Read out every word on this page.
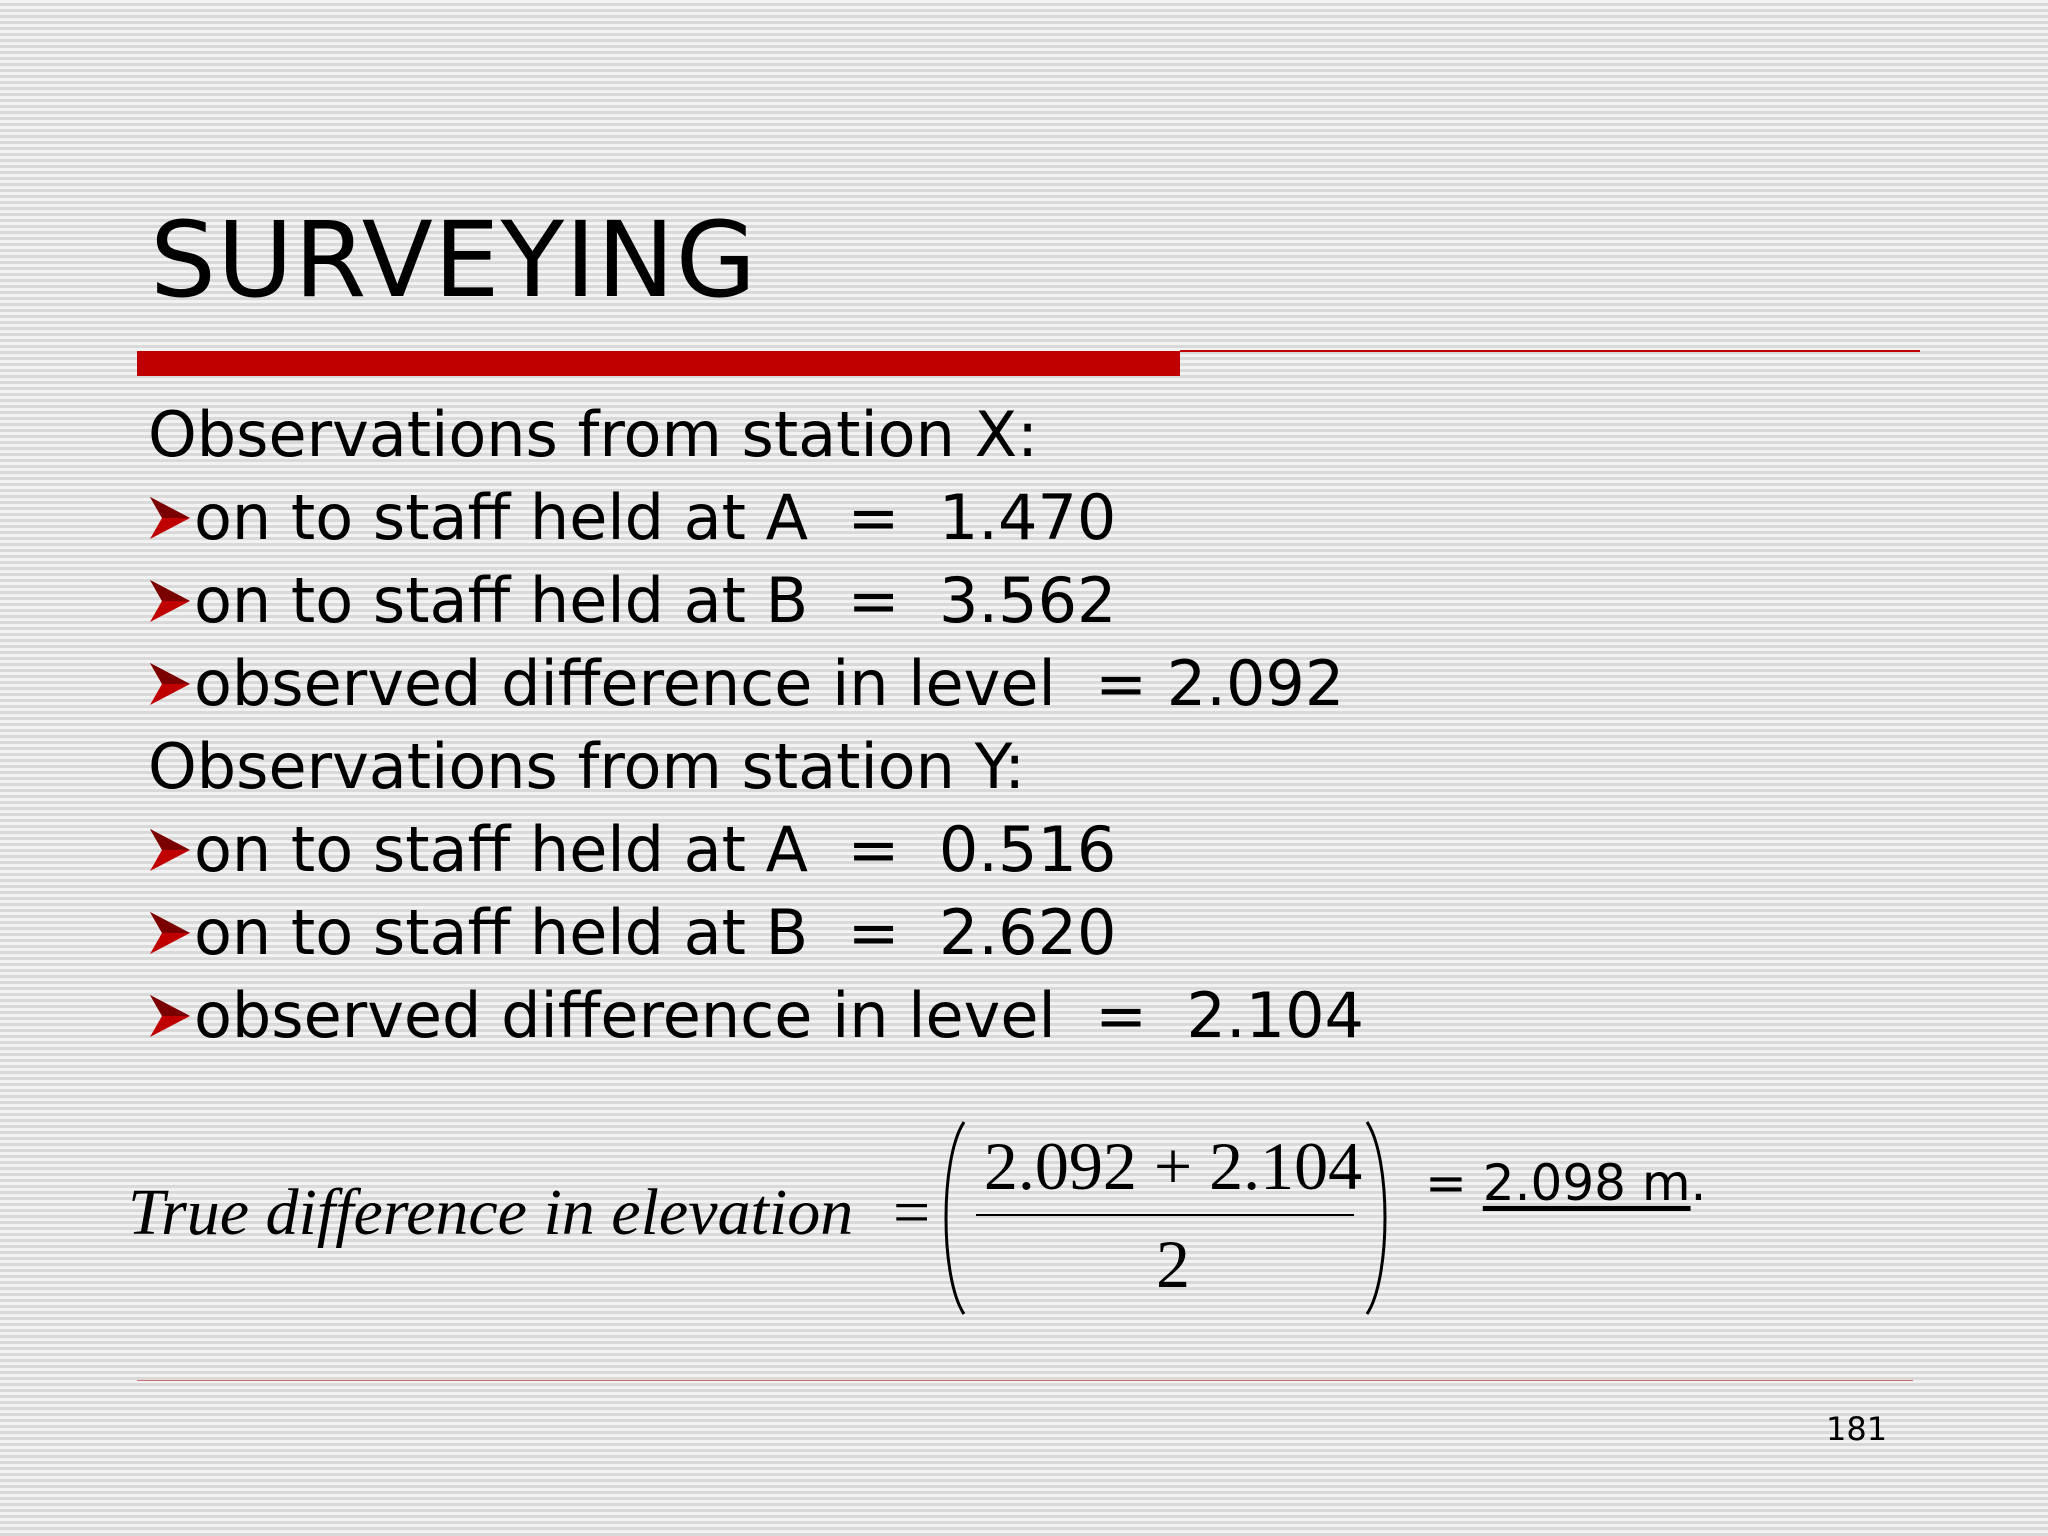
SURVEYING
Observations from station X:
on to staff held at A  =  1.470
on to staff held at B  =  3.562
observed difference in level  = 2.092
Observations from station Y:
on to staff held at A  =  0.516
on to staff held at B  =  2.620
observed difference in level  =  2.104
True difference in elevation =
2.092 + 2.104
2
= 2.098 m.
181
